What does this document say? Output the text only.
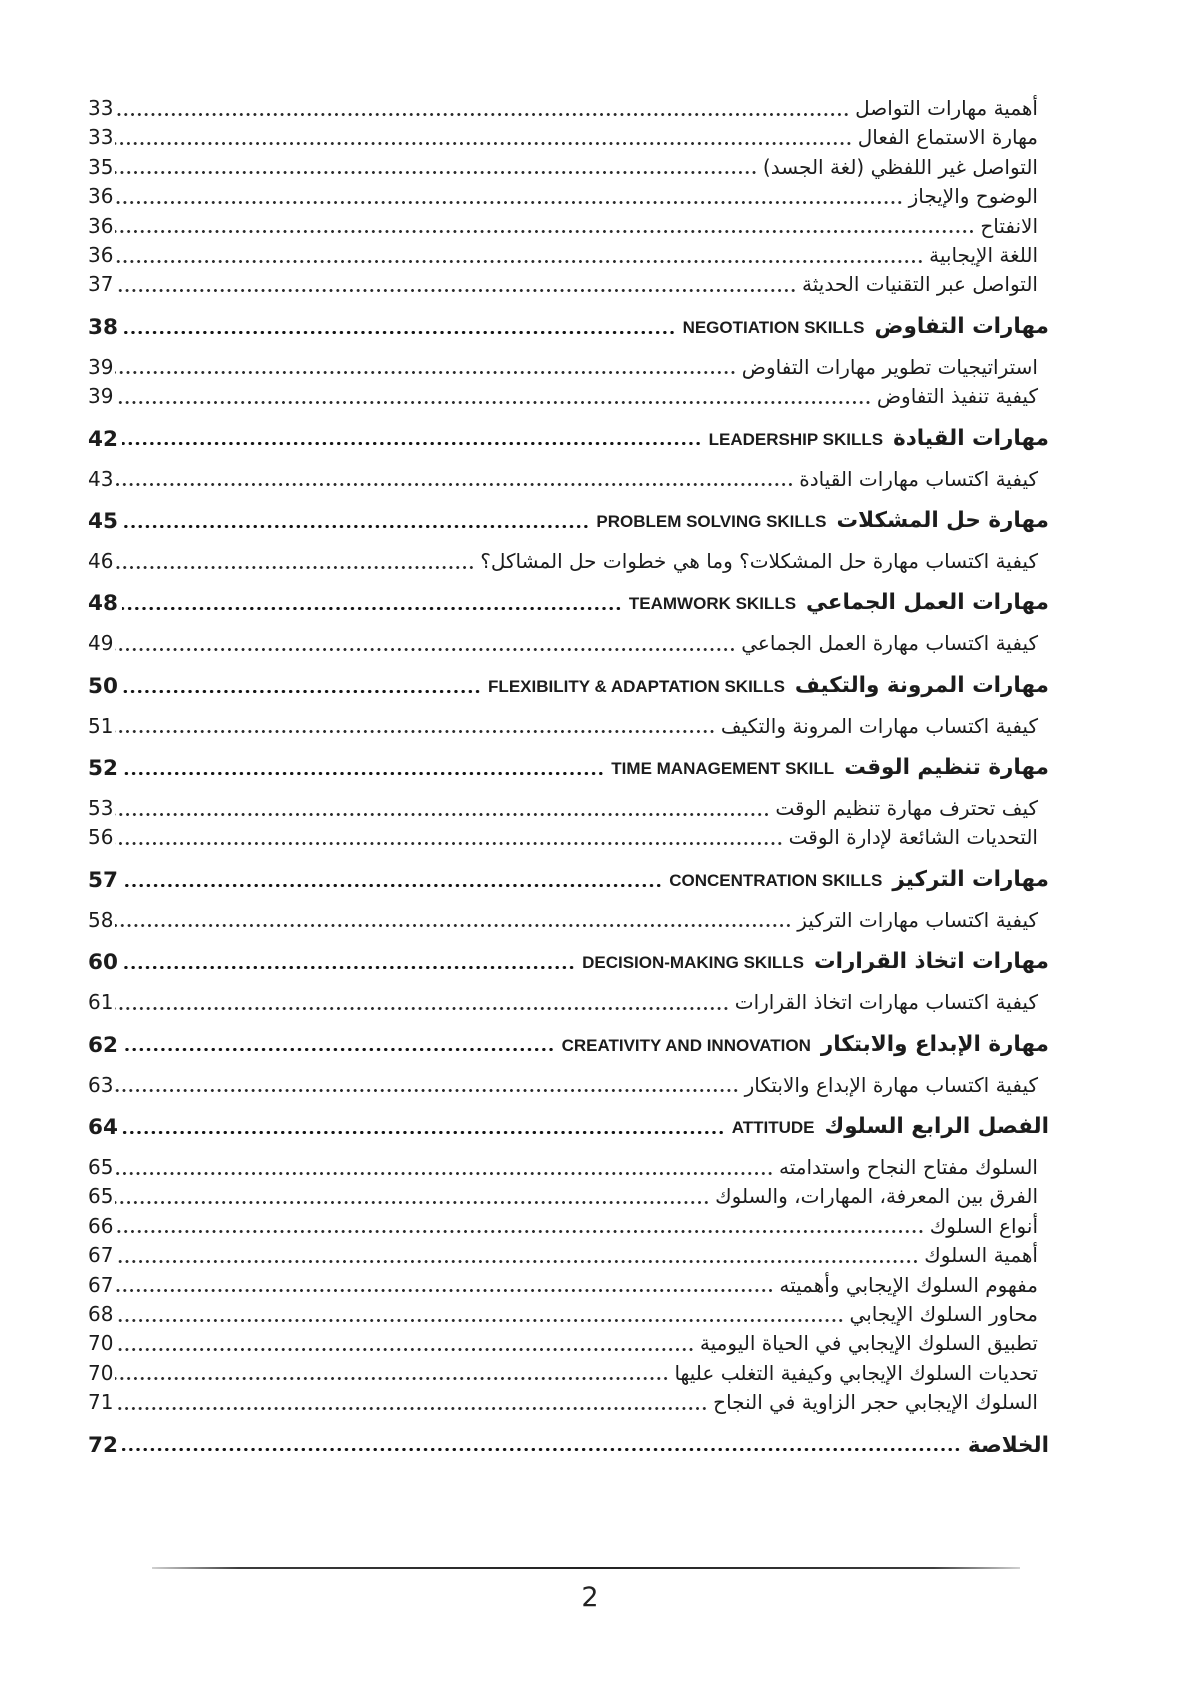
أهمية مهارات التواصل
33
مهارة الاستماع الفعال
33
التواصل غير اللفظي (لغة الجسد)
35
الوضوح والإيجاز
36
الانفتاح
36
اللغة الإيجابية
36
التواصل عبر التقنيات الحديثة
37
مهارات التفاوضNEGOTIATION SKILLS
38
استراتيجيات تطوير مهارات التفاوض
39
كيفية تنفيذ التفاوض
39
مهارات القيادةLEADERSHIP SKILLS
42
كيفية اكتساب مهارات القيادة
43
مهارة حل المشكلاتPROBLEM SOLVING SKILLS
45
كيفية اكتساب مهارة حل المشكلات؟ وما هي خطوات حل المشاكل؟
46
مهارات العمل الجماعيTEAMWORK SKILLS
48
كيفية اكتساب مهارة العمل الجماعي
49
مهارات المرونة والتكيفFLEXIBILITY & ADAPTATION SKILLS
50
كيفية اكتساب مهارات المرونة والتكيف
51
مهارة تنظيم الوقتTIME MANAGEMENT SKILL
52
كيف تحترف مهارة تنظيم الوقت
53
التحديات الشائعة لإدارة الوقت
56
مهارات التركيزCONCENTRATION SKILLS
57
كيفية اكتساب مهارات التركيز
58
مهارات اتخاذ القراراتDECISION-MAKING SKILLS
60
كيفية اكتساب مهارات اتخاذ القرارات
61
مهارة الإبداع والابتكارCREATIVITY AND INNOVATION
62
كيفية اكتساب مهارة الإبداع والابتكار
63
الفصل الرابع السلوكATTITUDE
64
السلوك مفتاح النجاح واستدامته
65
الفرق بين المعرفة، المهارات، والسلوك
65
أنواع السلوك
66
أهمية السلوك
67
مفهوم السلوك الإيجابي وأهميته
67
محاور السلوك الإيجابي
68
تطبيق السلوك الإيجابي في الحياة اليومية
70
تحديات السلوك الإيجابي وكيفية التغلب عليها
70
السلوك الإيجابي حجر الزاوية في النجاح
71
الخلاصة
72
2
